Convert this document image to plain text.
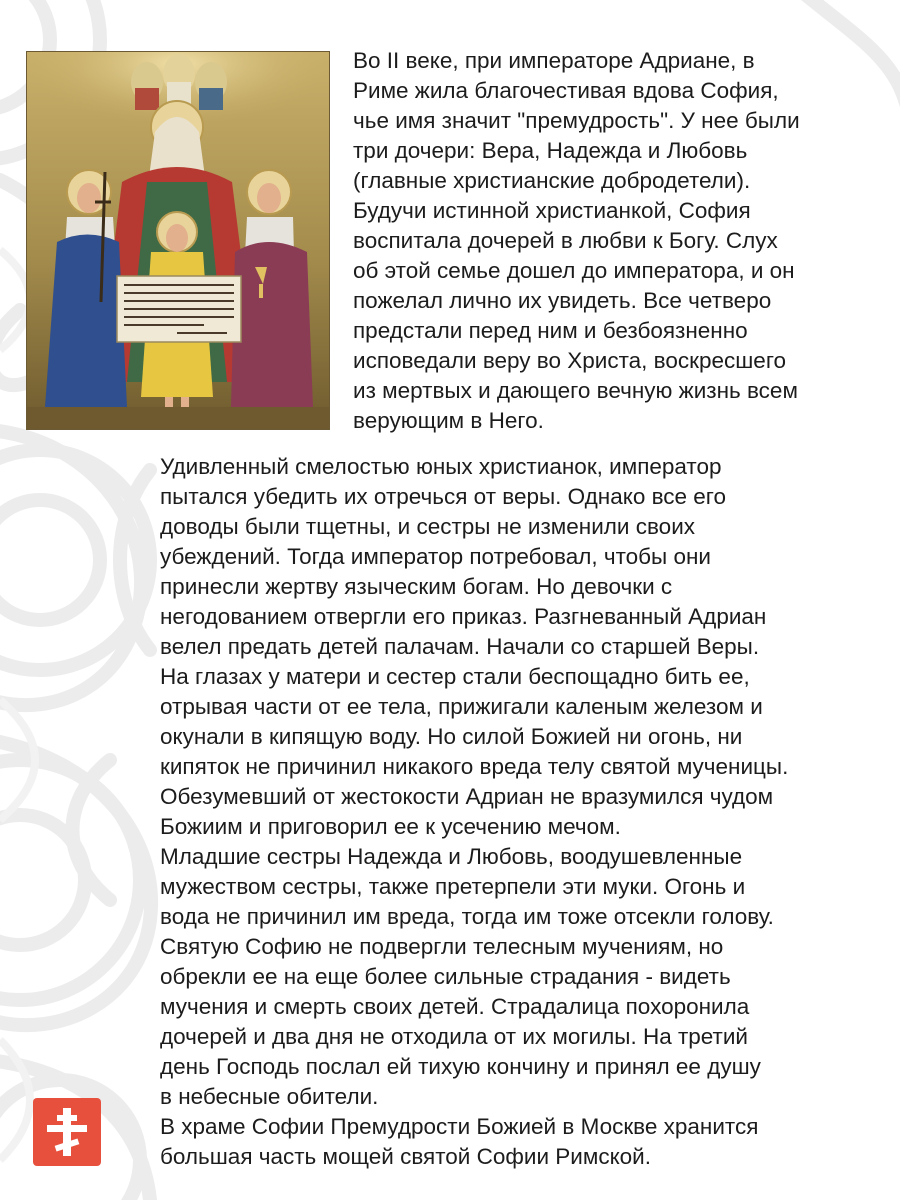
Во II веке, при императоре Адриане, в
Риме жила благочестивая вдова София,
чье имя значит "премудрость". У нее были
три дочери: Вера, Надежда и Любовь
(главные христианские добродетели).
Будучи истинной христианкой, София
воспитала дочерей в любви к Богу. Слух
об этой семье дошел до императора, и он
пожелал лично их увидеть. Все четверо
предстали перед ним и безбоязненно
исповедали веру во Христа, воскресшего
из мертвых и дающего вечную жизнь всем
верующим в Него.

Удивленный смелостью юных христианок, император
пытался убедить их отречься от веры. Однако все его
доводы были тщетны, и сестры не изменили своих
убеждений. Тогда император потребовал, чтобы они
принесли жертву языческим богам. Но девочки с
негодованием отвергли его приказ. Разгневанный Адриан
велел предать детей палачам. Начали со старшей Веры.
На глазах у матери и сестер стали беспощадно бить ее,
отрывая части от ее тела, прижигали каленым железом и
окунали в кипящую воду. Но силой Божией ни огонь, ни
кипяток не причинил никакого вреда телу святой мученицы.
Обезумевший от жестокости Адриан не вразумился чудом
Божиим и приговорил ее к усечению мечом.
Младшие сестры Надежда и Любовь, воодушевленные
мужеством сестры, также претерпели эти муки. Огонь и
вода не причинил им вреда, тогда им тоже отсекли голову.
Святую Софию не подвергли телесным мучениям, но
обрекли ее на еще более сильные страдания - видеть
мучения и смерть своих детей. Страдалица похоронила
дочерей и два дня не отходила от их могилы. На третий
день Господь послал ей тихую кончину и принял ее душу
в небесные обители.
В храме Софии Премудрости Божией в Москве хранится
большая часть мощей святой Софии Римской.
